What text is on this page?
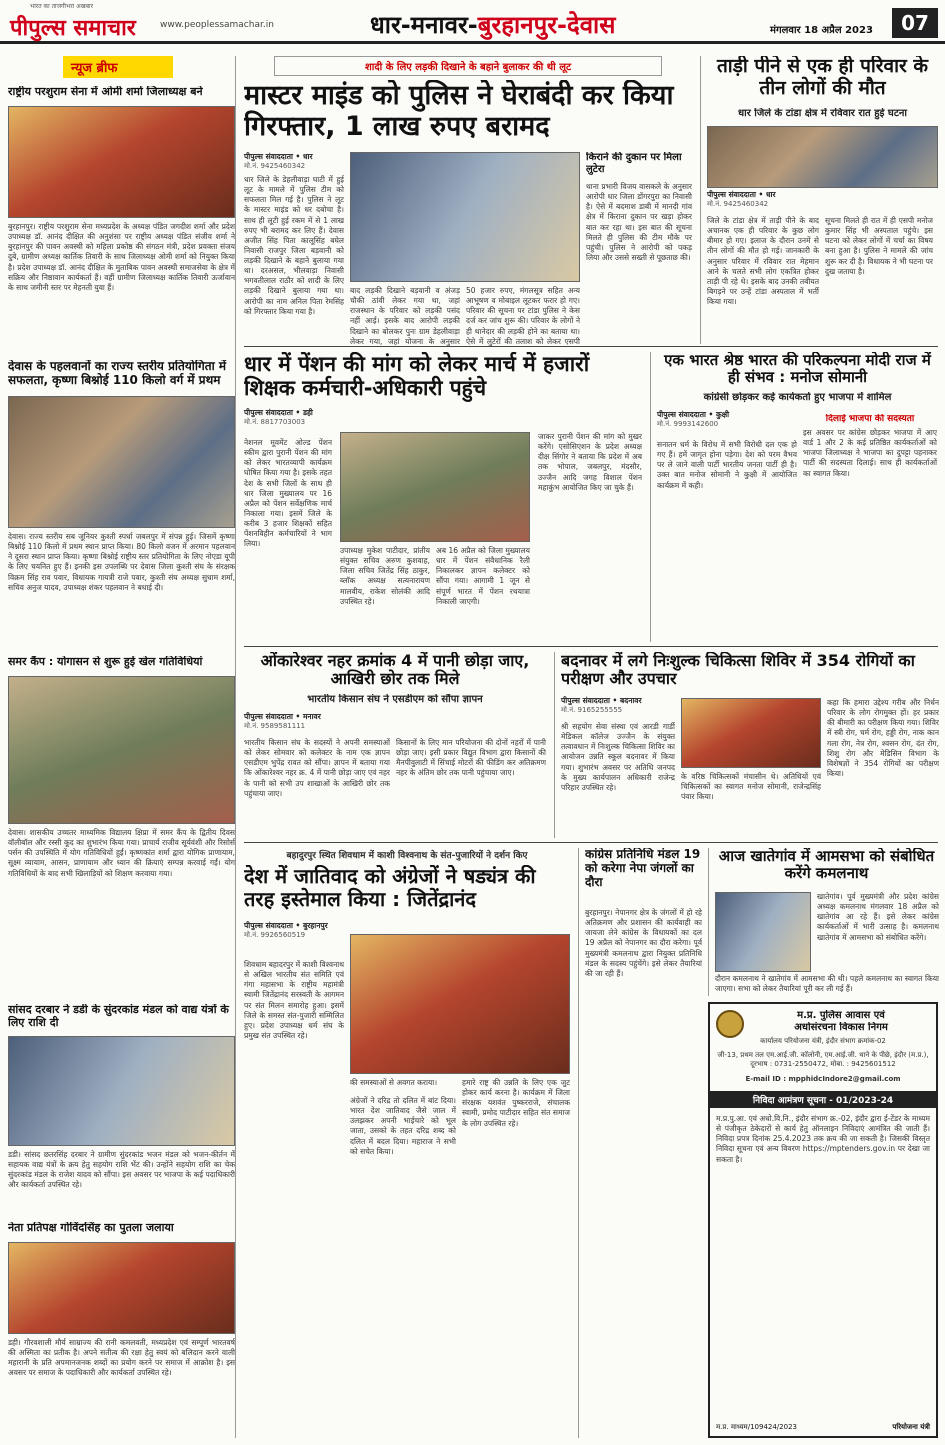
पीपुल्स समाचार
भारत का ताजगीभरा अखबार
www.peoplessamachar.in	धार-मनावर-बुरहानपुर-देवास	मंगलवार 18 अप्रैल 2023	07
न्यूज ब्रीफ
राष्ट्रीय परशुराम सेना में ओमी शर्मा जिलाध्यक्ष बने
बुरहानपुर। राष्ट्रीय परशुराम सेना मध्यप्रदेश के अध्यक्ष पंडित जगदीश शर्मा और प्रदेश उपाध्यक्ष डॉ. आनंद दीक्षित की अनुशंसा पर राष्ट्रीय अध्यक्ष पंडित संजीव शर्मा ने बुरहानपुर की पावन अवस्थी को महिला प्रकोष्ठ की संगठन मंत्री, प्रदेश प्रवक्ता संजय दुबे, ग्रामीण अध्यक्ष कार्तिक तिवारी के साथ जिलाध्यक्ष ओमी शर्मा को नियुक्त किया है। प्रदेश उपाध्यक्ष डॉ. आनंद दीक्षित के मुताबिक पावन अवस्थी समाजसेवा के क्षेत्र में सक्रिय और निष्ठावान कार्यकर्ता हैं। वहीं ग्रामीण जिलाध्यक्ष कार्तिक तिवारी ऊर्जावान के साथ जमीनी स्तर पर मेहनती युवा हैं।
देवास के पहलवानों का राज्य स्तरीय प्रतियोगिता में सफलता, कृष्णा बिश्नोई 110 किलो वर्ग में प्रथम
देवास। राज्य स्तरीय सब जूनियर कुश्ती स्पर्धा जबलपुर में संपन्न हुई। जिसमें कृष्णा बिश्नोई 110 किलो में प्रथम स्थान प्राप्त किया। 80 किलो वजन में अरमान पहलवान ने दूसरा स्थान प्राप्त किया। कृष्णा बिश्नोई राष्ट्रीय स्तर प्रतियोगिता के लिए नोएडा यूपी के लिए चयनित हुए हैं। इनकी इस उपलब्धि पर देवास जिला कुश्ती संघ के संरक्षक विक्रम सिंह राव पवार, विधायक गायत्री राजे पवार, कुश्ती संघ अध्यक्ष सुधाम शर्मा, सचिव अनुज यादव, उपाध्यक्ष शंकर पहलवान ने बधाई दी।
समर कैंप : योगासन से शुरू हुई खेल गतिविधियां
देवास। शासकीय उच्चतर माध्यमिक विद्यालय क्षिप्रा में समर कैंप के द्वितीय दिवस वॉलीबॉल और रस्सी कूद का शुभारंभ किया गया। प्राचार्य राजीव सूर्यवंशी और रिसोर्स पर्सन की उपस्थिति में योग गतिविधियों हुईं। कृष्णकांत शर्मा द्वारा योगिक प्राणायाम, सूक्ष्म व्यायाम, आसन, प्राणायाम और ध्यान की क्रियाएं सम्पन्न करवाई गईं। योग गतिविधियों के बाद सभी खिलाड़ियों को शिक्षण करवाया गया।
सांसद दरबार ने डडी के सुंदरकांड मंडल को वाद्य यंत्रों के लिए राशि दी
डडी। सांसद छतरसिंह दरबार ने ग्रामीण सुंदरकांड भजन मंडल को भजन-कीर्तन में सहायक वाद्य यंत्रों के क्रय हेतु सहयोग राशि भेंट की। उन्होंने सहयोग राशि का चेक सुंदरकांड मंडल के राजेश यादव को सौंपा। इस अवसर पर भाजपा के कई पदाधिकारी और कार्यकर्ता उपस्थित रहे।
नेता प्रतिपक्ष गोविंदसिंह का पुतला जलाया
डही। गौरवशाली मौर्य साम्राज्य की रानी कमलवती, मध्यप्रदेश एवं सम्पूर्ण भारतवर्ष की अस्मिता का प्रतीक है। अपने सतीत्व की रक्षा हेतु स्वयं को बलिदान करने वाली महारानी के प्रति अपमानजनक शब्दों का प्रयोग करने पर समाज में आक्रोश है। इस अवसर पर समाज के पदाधिकारी और कार्यकर्ता उपस्थित रहे।
शादी के लिए लड़की दिखाने के बहाने बुलाकर की थी लूट
मास्टर माइंड को पुलिस ने घेराबंदी कर किया गिरफ्तार, 1 लाख रुपए बरामद
पीपुल्स संवाददाता • धार
मो.नं. 9425460342
धार जिले के डेहलीवाड़ा घाटी में हुई लूट के मामले में पुलिस टीम को सफलता मिल गई है। पुलिस ने लूट के मास्टर माइंड को धर दबोचा है। साथ ही लूटी हुई रकम में से 1 लाख रुपए भी बरामद कर लिए हैं। देवास अजीत सिंह पिता कालूसिंह बघेल निवासी राजपुर जिला बड़वानी को लड़की दिखाने के बहाने बुलाया गया था। दरअसल, भीलवाड़ा निवासी भगवतीलाल राठौर को शादी के लिए लड़की दिखाने बुलाया गया था। आरोपी का नाम अनिल पिता रेमसिंह को गिरफ्तार किया गया है।
बाद लड़की दिखाने बड़वानी व अंजड़ चौकी ठांवी लेकर गया था, जहां राजस्थान के परिवार को लड़की पसंद नहीं आई। इसके बाद आरोपी लड़की दिखाने का बोलकर पुनः ग्राम डेहलीवाड़ा लेकर गया, जहां योजना के अनुसार
50 हजार रुपए, मंगलसूत्र सहित अन्य आभूषण व मोबाइल लूटकर फरार हो गए। परिवार की सूचना पर टांडा पुलिस ने केस दर्ज कर जांच शुरू की। परिवार के लोगों ने ही थानेदार की लड़की होने का बताया था। ऐसे में लुटेरों की तलाश को लेकर एसपी
किराने की दुकान पर मिला लुटेरा
थाना प्रभारी विजय वासकले के अनुसार आरोपी धार जिला डोंगरपुरा का निवासी है। ऐसे में बदमाश डाबी में मानदी गांव क्षेत्र में किराना दुकान पर खड़ा होकर बात कर रहा था। इस बात की सूचना मिलते ही पुलिस की टीम मौके पर पहुंची। पुलिस ने आरोपी को पकड़ लिया और उससे सख्ती से पूछताछ की।
ताड़ी पीने से एक ही परिवार के तीन लोगों की मौत
धार जिले के टांडा क्षेत्र में रविवार रात हुई घटना
पीपुल्स संवाददाता • धार
मो.नं. 9425460342
जिले के टांडा क्षेत्र में ताड़ी पीने के बाद अचानक एक ही परिवार के कुछ लोग बीमार हो गए। इलाज के दौरान उनमें से तीन लोगों की मौत हो गई। जानकारी के अनुसार परिवार में रविवार रात मेहमान आने के चलते सभी लोग एकत्रित होकर ताड़ी पी रहे थे। इसके बाद उनकी तबीयत बिगड़ने पर उन्हें टांडा अस्पताल में भर्ती किया गया।
सूचना मिलते ही रात में ही एसपी मनोज कुमार सिंह भी अस्पताल पहुंचे। इस घटना को लेकर लोगों में चर्चा का विषय बना हुआ है। पुलिस ने मामले की जांच शुरू कर दी है। विधायक ने भी घटना पर दुख जताया है।
धार में पेंशन की मांग को लेकर मार्च में हजारों शिक्षक कर्मचारी-अधिकारी पहुंचे
पीपुल्स संवाददाता • डही
मो.नं. 8817703003
नेशनल मूवमेंट ओल्ड पेंशन स्कीम द्वारा पुरानी पेंशन की मांग को लेकर भारतव्यापी कार्यक्रम घोषित किया गया है। इसके तहत देश के सभी जिलों के साथ ही धार जिला मुख्यालय पर 16 अप्रैल को पेंशन सर्वेक्षणिक मार्च निकाला गया। इसमें जिले के करीब 3 हजार शिक्षकों सहित पेंशनविहीन कर्मचारियों ने भाग लिया।
उपाध्यक्ष मुकेश पाटीदार, प्रांतीय संयुक्त सचिव अरुण कुशवाह, जिला सचिव जितेंद्र सिंह ठाकुर, ब्लॉक अध्यक्ष सत्यनारायण मालवीय, राकेश सोलंकी आदि उपस्थित रहे।
अब 16 अप्रैल को जिला मुख्यालय धार में पेंशन संवैधानिक रैली निकालकर ज्ञापन कलेक्टर को सौंपा गया। आगामी 1 जून से संपूर्ण भारत में पेंशन रथयात्रा निकाली जाएगी।
जाकर पुरानी पेंशन की मांग को मुखर करेंगे। एसोसिएशन के प्रदेश अध्यक्ष दीक्ष सिंगोर ने बताया कि प्रदेश में अब तक भोपाल, जबलपुर, मंदसौर, उज्जैन आदि जगह विशाल पेंशन महाकुंभ आयोजित किए जा चुके हैं।
एक भारत श्रेष्ठ भारत की परिकल्पना मोदी राज में ही संभव : मनोज सोमानी
कांग्रेसी छोड़कर कई कार्यकर्ता हुए भाजपा में शामिल
पीपुल्स संवाददाता • कुक्षी
मो.नं. 9993142600
सनातन धर्म के विरोध में सभी विरोधी दल एक हो गए हैं। हमें जागृत होना पड़ेगा। देश को परम वैभव पर ले जाने वाली पार्टी भारतीय जनता पार्टी ही है। उक्त बात मनोज सोमानी ने कुक्षी में आयोजित कार्यक्रम में कही।
दिलाई भाजपा की सदस्यता
इस अवसर पर कांग्रेस छोड़कर भाजपा में आए वार्ड 1 और 2 के कई प्रतिष्ठित कार्यकर्ताओं को भाजपा जिलाध्यक्ष ने भाजपा का दुपट्टा पहनाकर पार्टी की सदस्यता दिलाई। साथ ही कार्यकर्ताओं का स्वागत किया।
ओंकारेश्वर नहर क्रमांक 4 में पानी छोड़ा जाए, आखिरी छोर तक मिले
भारतीय किसान संघ ने एसडीएम को सौंपा ज्ञापन
पीपुल्स संवाददाता • मनावर
मो.नं. 9589581111
भारतीय किसान संघ के सदस्यों ने अपनी समस्याओं को लेकर सोमवार को कलेक्टर के नाम एक ज्ञापन एसडीएम भुपेंद्र रावत को सौंपा। ज्ञापन में बताया गया कि ओंकारेश्वर नहर क्र. 4 में पानी छोड़ा जाए एवं नहर के पानी को सभी उप शाखाओं के आखिरी छोर तक पहुंचाया जाए।
किसानों के लिए मान परियोजना की दोनों नहरों में पानी छोड़ा जाए। इसी प्रकार विद्युत विभाग द्वारा किसानों की मैनपीवुलाटी में सिंचाई मोटरों की फीडिंग कर अतिक्रमण नहर के अंतिम छोर तक पानी पहुंचाया जाए।
बदनावर में लगे निःशुल्क चिकित्सा शिविर में 354 रोगियों का परीक्षण और उपचार
पीपुल्स संवाददाता • बदनावर
मो.नं. 9165255555
श्री सहयोग सेवा संस्था एवं आरडी गार्डी मेडिकल कॉलेज उज्जैन के संयुक्त तत्वावधान में निःशुल्क चिकित्सा शिविर का आयोजन उन्नति स्कूल बदनावर में किया गया। शुभारंभ अवसर पर अतिथि जनपद के मुख्य कार्यपालन अधिकारी राजेन्द्र परिहार उपस्थित रहे।
के वरिष्ठ चिकित्सकों मंचासीन थे। अतिथियों एवं चिकित्सकों का स्वागत मनोज सोमानी, राजेन्द्रसिंह पंवार किया।
कहा कि हमारा उद्देश्य गरीब और निर्धन परिवार के लोग रोगमुक्त हों। हर प्रकार की बीमारी का परीक्षण किया गया। शिविर में स्त्री रोग, चर्म रोग, हड्डी रोग, नाक कान गला रोग, नेत्र रोग, श्वसन रोग, दंत रोग, शिशु रोग और मेडिसिन विभाग के विशेषज्ञों ने 354 रोगियों का परीक्षण किया।
बहादुरपुर स्थित शिवधाम में काशी विश्वनाथ के संत-पुजारियों ने दर्शन किए
देश में जातिवाद को अंग्रेजों ने षड्यंत्र की तरह इस्तेमाल किया : जितेंद्रानंद
पीपुल्स संवाददाता • बुरहानपुर
मो.नं. 9926560519
शिवधाम बहादरपुर में काशी विश्वनाथ से अखिल भारतीय संत समिति एवं गंगा महासभा के राष्ट्रीय महामंत्री स्वामी जितेंद्रानंद सरस्वती के आगमन पर संत मिलन समारोह हुआ। इसमें जिले के समस्त संत-पुजारी सम्मिलित हुए। प्रदेश उपाध्यक्ष धर्म संघ के प्रमुख संत उपस्थित रहे।
की समस्याओं से अवगत कराया।
अंग्रेजों ने दरिद्र तो दलित में बांट दिया। भारत देश जातिवाद जैसे जाल में उलझकर अपनी भाईचारे को भूल जाता, उसको के तहत दरिद्र शब्द को दलित में बदल दिया। महाराज ने सभी को सचेत किया।
हमारे राष्ट्र की उन्नति के लिए एक जुट होकर कार्य करना है। कार्यक्रम में जिला संरक्षक यशवंत पुष्करराजे, संचालक स्वामी, प्रमोद पाटीदार सहित संत समाज के लोग उपस्थित रहे।
कांग्रेस प्रतिनिधि मंडल 19 को करेगा नेपा जंगलों का दौरा
बुरहानपुर। नेपानगर क्षेत्र के जंगलों में हो रहे अतिक्रमण और प्रशासन की कार्यवाही का जायजा लेने कांग्रेस के विधायकों का दल 19 अप्रैल को नेपानगर का दौरा करेगा। पूर्व मुख्यमंत्री कमलनाथ द्वारा नियुक्त प्रतिनिधि मंडल के सदस्य पहुंचेंगे। इसे लेकर तैयारियां की जा रही हैं।
आज खातेगांव में आमसभा को संबोधित करेंगे कमलनाथ
खातेगांव। पूर्व मुख्यमंत्री और प्रदेश कांग्रेस अध्यक्ष कमलनाथ मंगलवार 18 अप्रैल को खातेगांव आ रहे हैं। इसे लेकर कांग्रेस कार्यकर्ताओं में भारी उत्साह है। कमलनाथ खातेगांव में आमसभा को संबोधित करेंगे।
दौरान कमलनाथ ने खातेगांव में आमसभा की थी। पहले कमलनाथ का स्वागत किया जाएगा। सभा को लेकर तैयारियां पूरी कर ली गई हैं।
म.प्र. पुलिस आवास एवं
अधोसंरचना विकास निगम
कार्यालय परियोजना यंत्री, इंदौर संभाग क्रमांक-02
जी-13, प्रथम तल एम.आई.जी. कॉलोनी, एम.आई.जी. थाने के पीछे, इंदौर (म.प्र.), दूरभाष : 0731-2550472, मोबा. : 9425601512
E-mail ID : mpphidcIndore2@gmail.com
निविदा आमंत्रण सूचना - 01/2023-24
म.प्र.पु.आ. एवं अधो.वि.नि., इंदौर संभाग क्र.-02, इंदौर द्वारा ई-टेंडर के माध्यम से पंजीकृत ठेकेदारों से कार्य हेतु ऑनलाइन निविदाएं आमंत्रित की जाती हैं। निविदा प्रपत्र दिनांक 25.4.2023 तक क्रय की जा सकती है। जिसकी विस्तृत निविदा सूचना एवं अन्य विवरण https://mptenders.gov.in पर देखा जा सकता है।
म.प्र. माध्यम/109424/2023	परियोजना यंत्री
